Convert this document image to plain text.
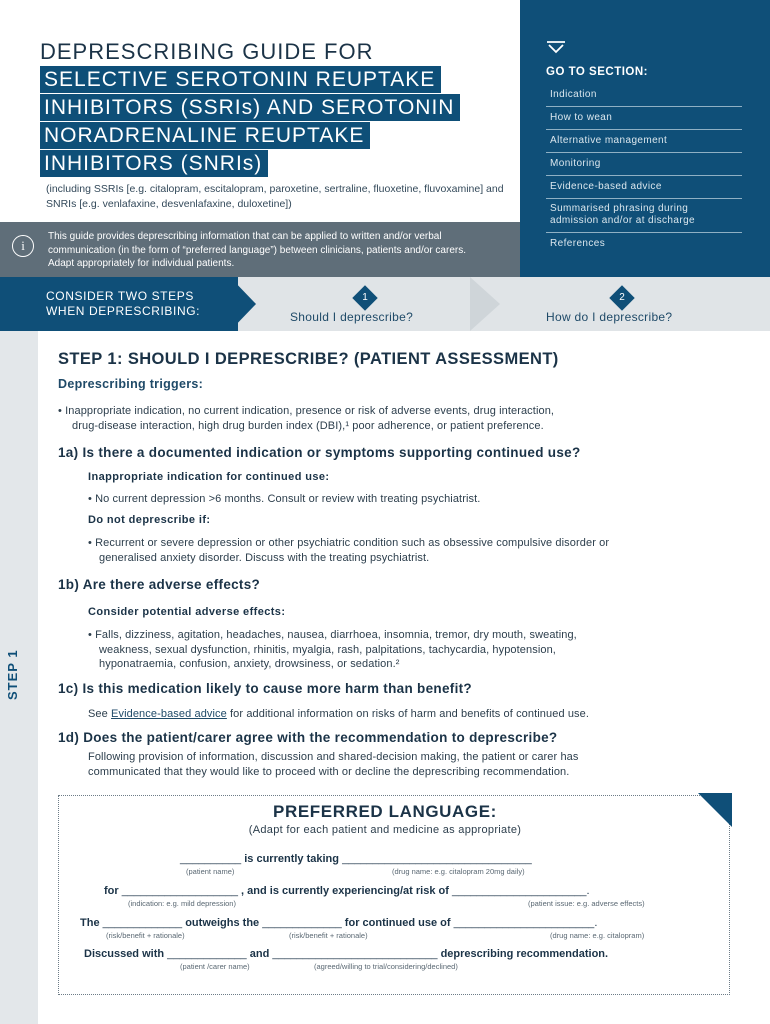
DEPRESCRIBING GUIDE FOR
SELECTIVE SEROTONIN REUPTAKE
INHIBITORS (SSRIs) AND SEROTONIN
NORADRENALINE REUPTAKE
INHIBITORS (SNRIs)
(including SSRIs [e.g. citalopram, escitalopram, paroxetine, sertraline, fluoxetine, fluvoxamine] and SNRIs [e.g. venlafaxine, desvenlafaxine, duloxetine])
i
This guide provides deprescribing information that can be applied to written and/or verbal communication (in the form of “preferred language”) between clinicians, patients and/or carers. Adapt appropriately for individual patients.
GO TO SECTION:
Indication
How to wean
Alternative management
Monitoring
Evidence-based advice
Summarised phrasing during admission and/or at discharge
References
CONSIDER TWO STEPS WHEN DEPRESCRIBING:
1
Should I deprescribe?
2
How do I deprescribe?
STEP 1
STEP 1: SHOULD I DEPRESCRIBE? (PATIENT ASSESSMENT)
Deprescribing triggers:
• Inappropriate indication, no current indication, presence or risk of adverse events, drug interaction,
drug-disease interaction, high drug burden index (DBI),¹ poor adherence, or patient preference.
1a) Is there a documented indication or symptoms supporting continued use?
Inappropriate indication for continued use:
• No current depression >6 months. Consult or review with treating psychiatrist.
Do not deprescribe if:
• Recurrent or severe depression or other psychiatric condition such as obsessive compulsive disorder or
generalised anxiety disorder. Discuss with the treating psychiatrist.
1b) Are there adverse effects?
Consider potential adverse effects:
• Falls, dizziness, agitation, headaches, nausea, diarrhoea, insomnia, tremor, dry mouth, sweating,
weakness, sexual dysfunction, rhinitis, myalgia, rash, palpitations, tachycardia, hypotension,
hyponatraemia, confusion, anxiety, drowsiness, or sedation.²
1c) Is this medication likely to cause more harm than benefit?
See Evidence-based advice for additional information on risks of harm and benefits of continued use.
1d) Does the patient/carer agree with the recommendation to deprescribe?
Following provision of information, discussion and shared-decision making, the patient or carer has
communicated that they would like to proceed with or decline the deprescribing recommendation.
PREFERRED LANGUAGE:
(Adapt for each patient and medicine as appropriate)
__________ is currently taking _______________________________
(patient name)	(drug name: e.g. citalopram 20mg daily)
for ___________________ , and is currently experiencing/at risk of ______________________.
(indication: e.g. mild depression)	(patient issue: e.g. adverse effects)
The _____________ outweighs the _____________ for continued use of _______________________.
(risk/benefit + rationale)	(risk/benefit + rationale)	(drug name: e.g. citalopram)
Discussed with _____________ and ___________________________ deprescribing recommendation.
(patient /carer name)	(agreed/willing to trial/considering/declined)
